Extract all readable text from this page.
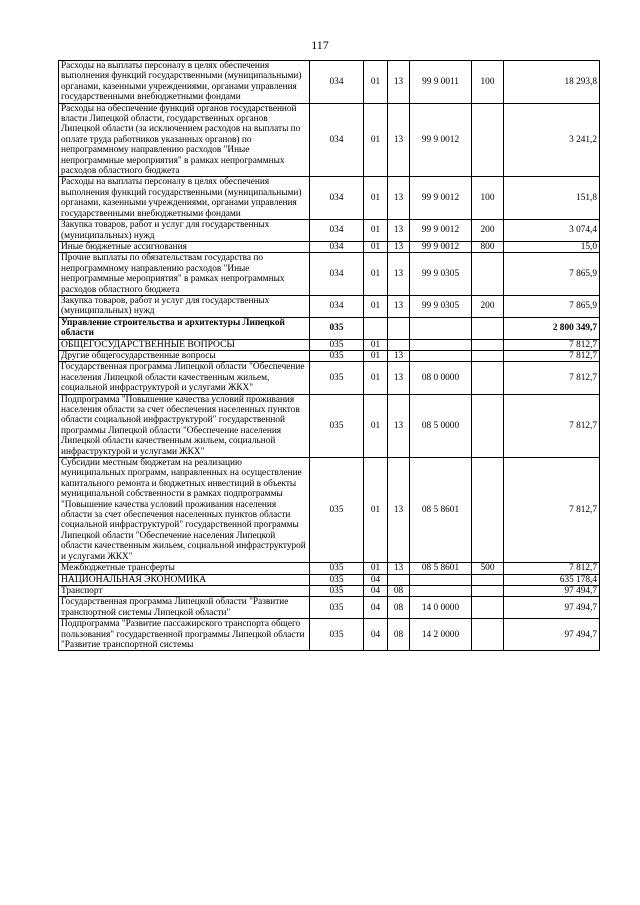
117
Расходы на выплаты персоналу в целях обеспечения выполнения функций государственными (муниципальными) органами, казенными учреждениями, органами управления государственными внебюджетными фондами	034	01	13	99 9 0011	100	18 293,8
Расходы на обеспечение функций органов государственной власти Липецкой области, государственных органов Липецкой области (за исключением расходов на выплаты по оплате труда работников указанных органов) по непрограммному направлению расходов "Иные непрограммные мероприятия" в рамках непрограммных расходов областного бюджета	034	01	13	99 9 0012		3 241,2
Расходы на выплаты персоналу в целях обеспечения выполнения функций государственными (муниципальными) органами, казенными учреждениями, органами управления государственными внебюджетными фондами	034	01	13	99 9 0012	100	151,8
Закупка товаров, работ и услуг для государственных (муниципальных) нужд	034	01	13	99 9 0012	200	3 074,4
Иные бюджетные ассигнования	034	01	13	99 9 0012	800	15,0
Прочие выплаты по обязательствам государства по непрограммному направлению расходов "Иные непрограммные мероприятия" в рамках непрограммных расходов областного бюджета	034	01	13	99 9 0305		7 865,9
Закупка товаров, работ и услуг для государственных (муниципальных) нужд	034	01	13	99 9 0305	200	7 865,9
Управление строительства и архитектуры Липецкой области	035					2 800 349,7
ОБЩЕГОСУДАРСТВЕННЫЕ ВОПРОСЫ	035	01				7 812,7
Другие общегосударственные вопросы	035	01	13			7 812,7
Государственная программа Липецкой области "Обеспечение населения Липецкой области качественным жильем, социальной инфраструктурой и услугами ЖКХ"	035	01	13	08 0 0000		7 812,7
Подпрограмма "Повышение качества условий проживания населения области за счет обеспечения населенных пунктов области социальной инфраструктурой" государственной программы Липецкой области "Обеспечение населения Липецкой области качественным жильем, социальной инфраструктурой и услугами ЖКХ"	035	01	13	08 5 0000		7 812,7
Субсидии местным бюджетам на реализацию муниципальных программ, направленных на осуществление капитального ремонта и бюджетных инвестиций в объекты муниципальной собственности в рамках подпрограммы "Повышение качества условий проживания населения области за счет обеспечения населенных пунктов области социальной инфраструктурой" государственной программы Липецкой области "Обеспечение населения Липецкой области качественным жильем, социальной инфраструктурой и услугами ЖКХ"	035	01	13	08 5 8601		7 812,7
Межбюджетные трансферты	035	01	13	08 5 8601	500	7 812,7
НАЦИОНАЛЬНАЯ ЭКОНОМИКА	035	04				635 178,4
Транспорт	035	04	08			97 494,7
Государственная программа Липецкой области "Развитие транспортной системы Липецкой области"	035	04	08	14 0 0000		97 494,7
Подпрограмма "Развитие пассажирского транспорта общего пользования" государственной программы Липецкой области "Развитие транспортной системы	035	04	08	14 2 0000		97 494,7
